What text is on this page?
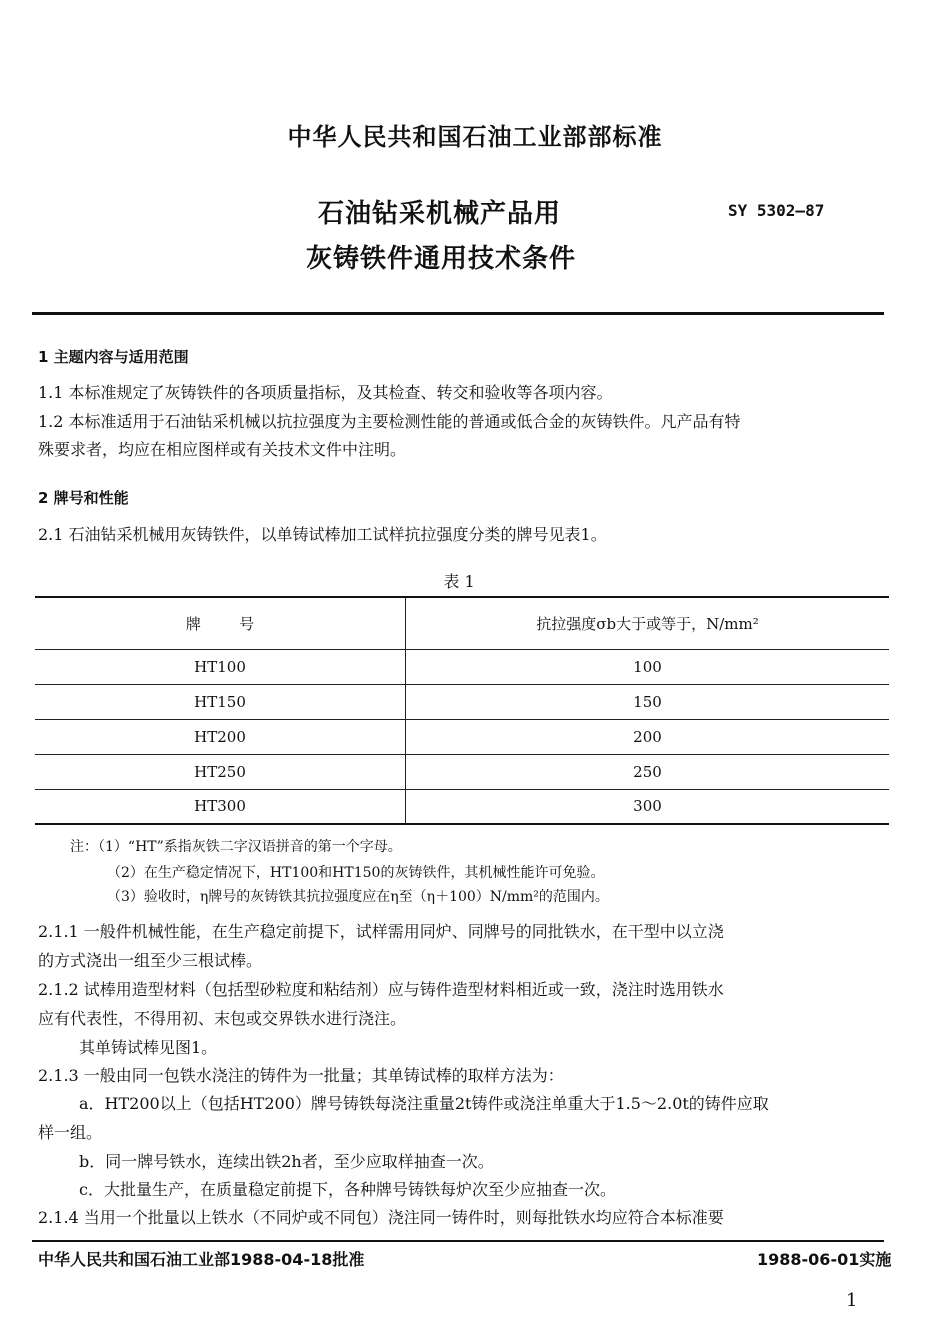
中华人民共和国石油工业部部标准
石油钻采机械产品用
灰铸铁件通用技术条件
SY 5302—87
1 主题内容与适用范围
1.1 本标准规定了灰铸铁件的各项质量指标，及其检查、转交和验收等各项内容。
1.2 本标准适用于石油钻采机械以抗拉强度为主要检测性能的普通或低合金的灰铸铁件。凡产品有特
殊要求者，均应在相应图样或有关技术文件中注明。
2 牌号和性能
2.1 石油钻采机械用灰铸铁件，以单铸试棒加工试样抗拉强度分类的牌号见表1。
表 1
牌        号	抗拉强度σb大于或等于，N/mm²
HT100	100
HT150	150
HT200	200
HT250	250
HT300	300
注：（1）“HT”系指灰铁二字汉语拼音的第一个字母。
（2）在生产稳定情况下，HT100和HT150的灰铸铁件，其机械性能许可免验。
（3）验收时，η牌号的灰铸铁其抗拉强度应在η至（η＋100）N/mm²的范围内。
2.1.1 一般件机械性能，在生产稳定前提下，试样需用同炉、同牌号的同批铁水，在干型中以立浇
的方式浇出一组至少三根试棒。
2.1.2 试棒用造型材料（包括型砂粒度和粘结剂）应与铸件造型材料相近或一致，浇注时选用铁水
应有代表性，不得用初、末包或交界铁水进行浇注。
其单铸试棒见图1。
2.1.3 一般由同一包铁水浇注的铸件为一批量；其单铸试棒的取样方法为：
a．HT200以上（包括HT200）牌号铸铁每浇注重量2t铸件或浇注单重大于1.5～2.0t的铸件应取
样一组。
b．同一牌号铁水，连续出铁2h者，至少应取样抽查一次。
c．大批量生产，在质量稳定前提下，各种牌号铸铁每炉次至少应抽查一次。
2.1.4 当用一个批量以上铁水（不同炉或不同包）浇注同一铸件时，则每批铁水均应符合本标准要
中华人民共和国石油工业部1988-04-18批准	1988-06-01实施
1
